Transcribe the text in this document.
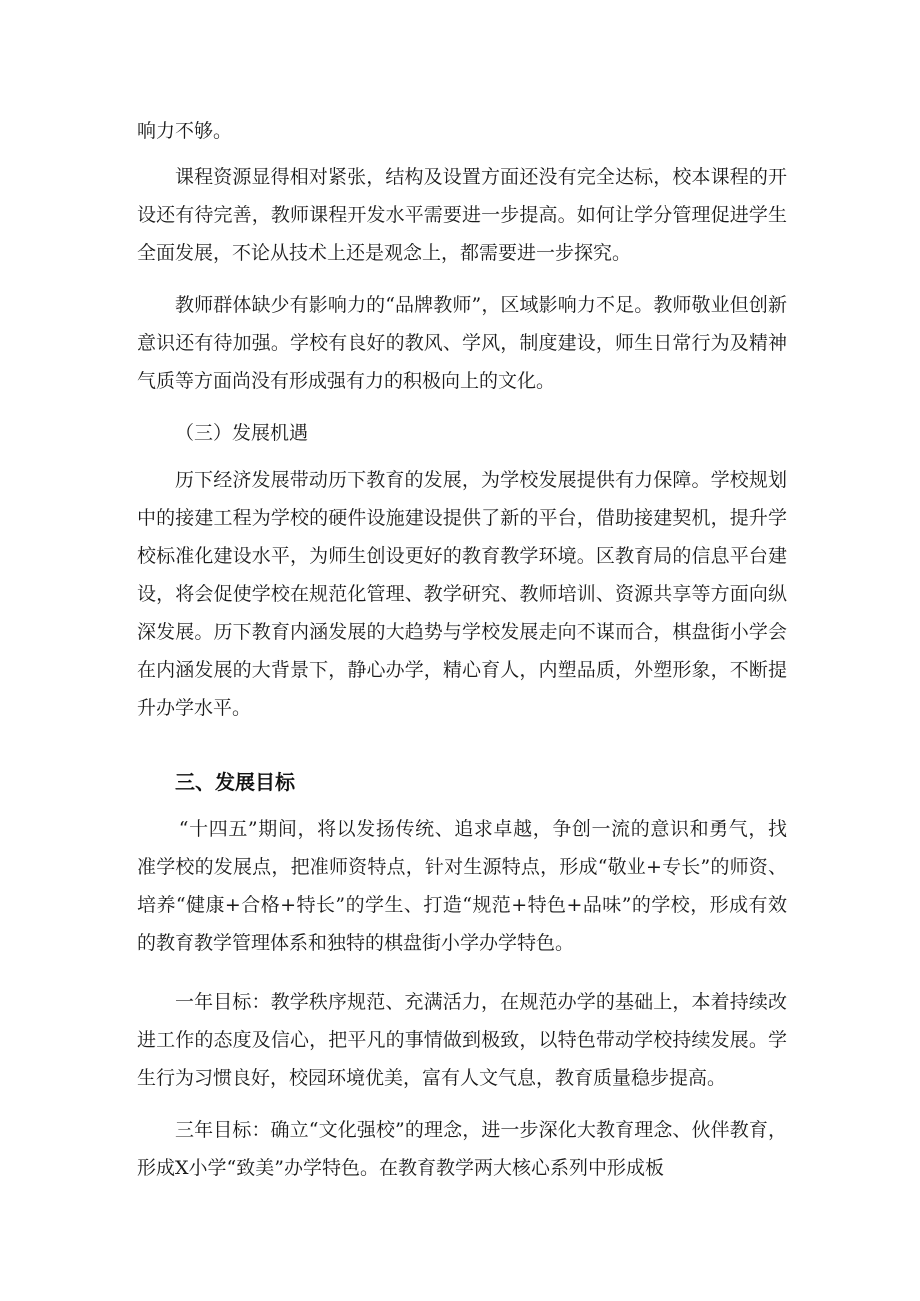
响力不够。

课程资源显得相对紧张，结构及设置方面还没有完全达标，校本课程的开设还有待完善，教师课程开发水平需要进一步提高。如何让学分管理促进学生全面发展，不论从技术上还是观念上，都需要进一步探究。

教师群体缺少有影响力的“品牌教师”，区域影响力不足。教师敬业但创新意识还有待加强。学校有良好的教风、学风，制度建设，师生日常行为及精神气质等方面尚没有形成强有力的积极向上的文化。

（三）发展机遇

历下经济发展带动历下教育的发展，为学校发展提供有力保障。学校规划中的接建工程为学校的硬件设施建设提供了新的平台，借助接建契机，提升学校标准化建设水平，为师生创设更好的教育教学环境。区教育局的信息平台建设，将会促使学校在规范化管理、教学研究、教师培训、资源共享等方面向纵深发展。历下教育内涵发展的大趋势与学校发展走向不谋而合，棋盘街小学会在内涵发展的大背景下，静心办学，精心育人，内塑品质，外塑形象，不断提升办学水平。

三、发展目标

“十四五”期间，将以发扬传统、追求卓越，争创一流的意识和勇气，找准学校的发展点，把准师资特点，针对生源特点，形成“敬业+专长”的师资、培养“健康+合格+特长”的学生、打造“规范+特色+品味”的学校，形成有效的教育教学管理体系和独特的棋盘街小学办学特色。

一年目标：教学秩序规范、充满活力，在规范办学的基础上，本着持续改进工作的态度及信心，把平凡的事情做到极致，以特色带动学校持续发展。学生行为习惯良好，校园环境优美，富有人文气息，教育质量稳步提高。

三年目标：确立“文化强校”的理念，进一步深化大教育理念、伙伴教育，形成X小学“致美”办学特色。在教育教学两大核心系列中形成板
